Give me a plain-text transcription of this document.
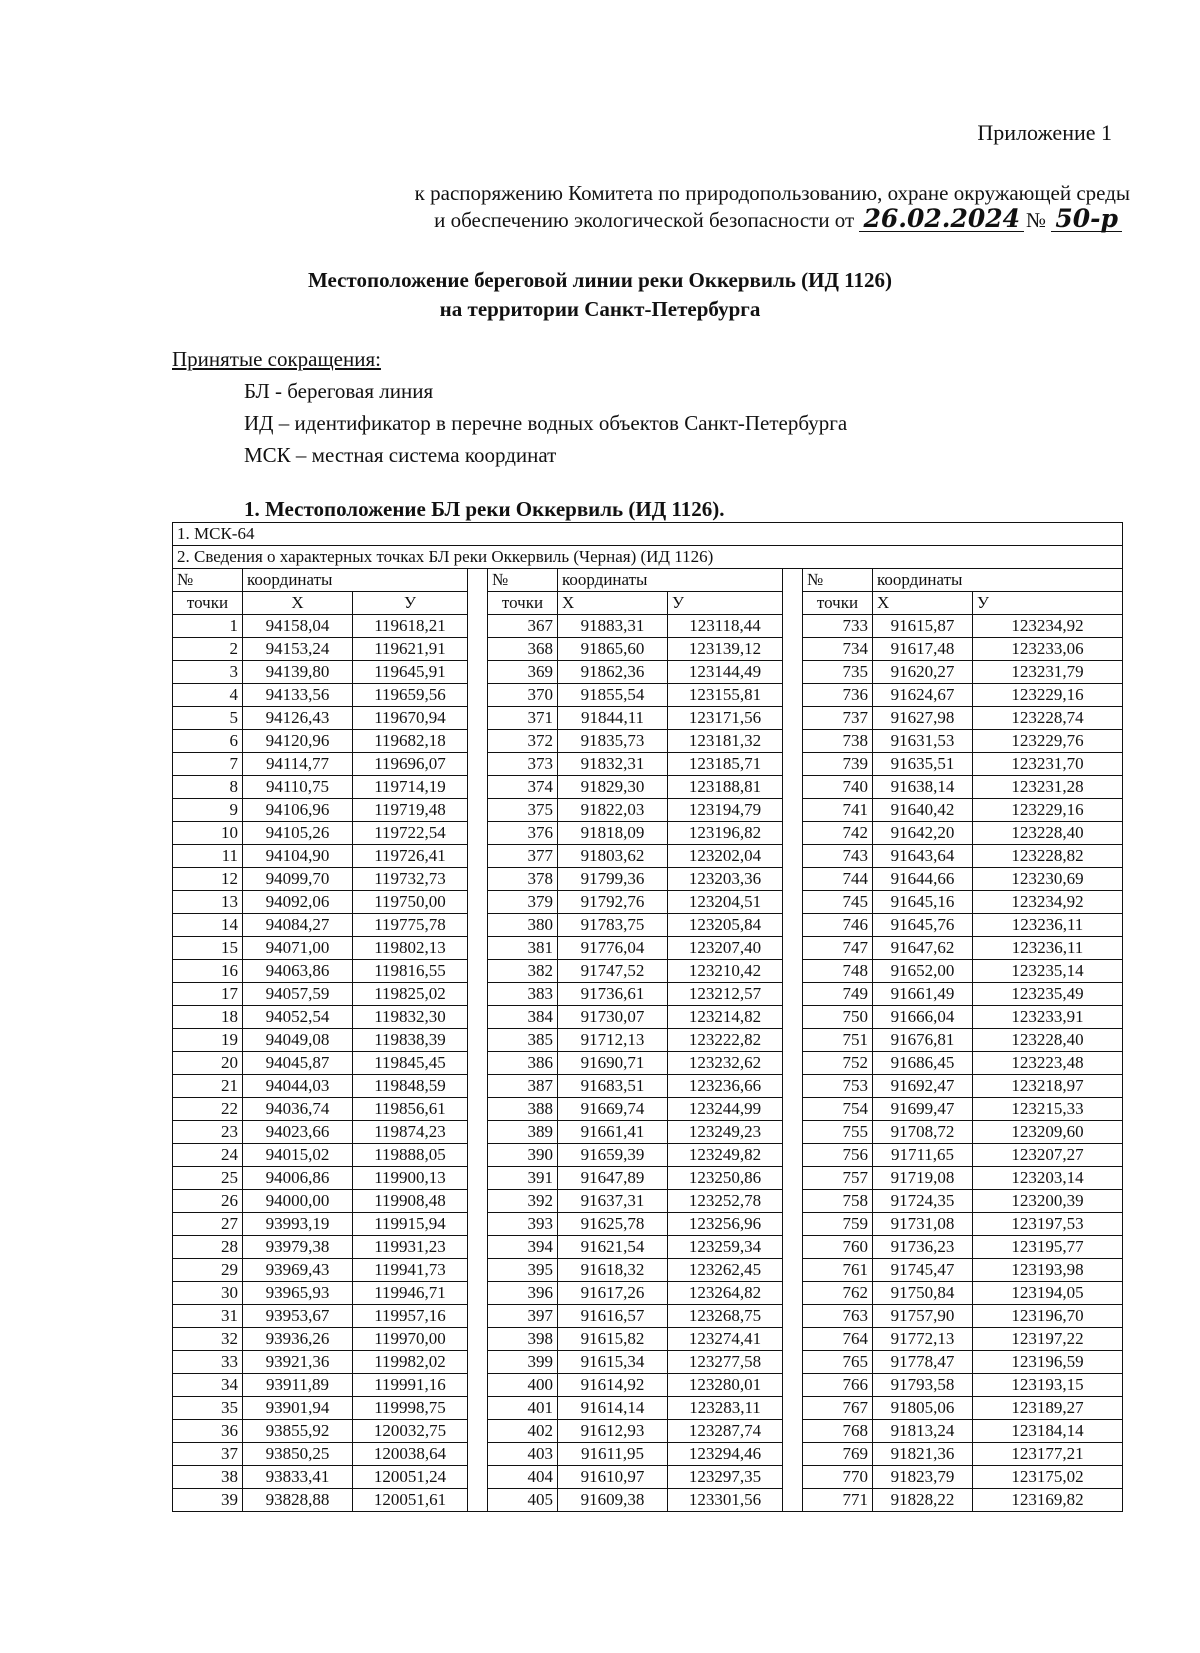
Приложение 1
к распоряжению Комитета по природопользованию, охране окружающей среды
и обеспечению экологической безопасности от 26.02.2024 № 50-р
Местоположение береговой линии реки Оккервиль (ИД 1126)
на территории Санкт-Петербурга
Принятые сокращения:
БЛ - береговая линия
ИД – идентификатор в перечне водных объектов Санкт-Петербурга
МСК – местная система координат
1. Местоположение БЛ реки Оккервиль (ИД 1126).
1. МСК-64										
2. Сведения о характерных точках БЛ реки Оккервиль (Черная) (ИД 1126)										
№	координаты			№	координаты			№	координаты	
точки	Х	У		точки	Х	У		точки	Х	У
1	94158,04	119618,21		367	91883,31	123118,44		733	91615,87	123234,92
2	94153,24	119621,91		368	91865,60	123139,12		734	91617,48	123233,06
3	94139,80	119645,91		369	91862,36	123144,49		735	91620,27	123231,79
4	94133,56	119659,56		370	91855,54	123155,81		736	91624,67	123229,16
5	94126,43	119670,94		371	91844,11	123171,56		737	91627,98	123228,74
6	94120,96	119682,18		372	91835,73	123181,32		738	91631,53	123229,76
7	94114,77	119696,07		373	91832,31	123185,71		739	91635,51	123231,70
8	94110,75	119714,19		374	91829,30	123188,81		740	91638,14	123231,28
9	94106,96	119719,48		375	91822,03	123194,79		741	91640,42	123229,16
10	94105,26	119722,54		376	91818,09	123196,82		742	91642,20	123228,40
11	94104,90	119726,41		377	91803,62	123202,04		743	91643,64	123228,82
12	94099,70	119732,73		378	91799,36	123203,36		744	91644,66	123230,69
13	94092,06	119750,00		379	91792,76	123204,51		745	91645,16	123234,92
14	94084,27	119775,78		380	91783,75	123205,84		746	91645,76	123236,11
15	94071,00	119802,13		381	91776,04	123207,40		747	91647,62	123236,11
16	94063,86	119816,55		382	91747,52	123210,42		748	91652,00	123235,14
17	94057,59	119825,02		383	91736,61	123212,57		749	91661,49	123235,49
18	94052,54	119832,30		384	91730,07	123214,82		750	91666,04	123233,91
19	94049,08	119838,39		385	91712,13	123222,82		751	91676,81	123228,40
20	94045,87	119845,45		386	91690,71	123232,62		752	91686,45	123223,48
21	94044,03	119848,59		387	91683,51	123236,66		753	91692,47	123218,97
22	94036,74	119856,61		388	91669,74	123244,99		754	91699,47	123215,33
23	94023,66	119874,23		389	91661,41	123249,23		755	91708,72	123209,60
24	94015,02	119888,05		390	91659,39	123249,82		756	91711,65	123207,27
25	94006,86	119900,13		391	91647,89	123250,86		757	91719,08	123203,14
26	94000,00	119908,48		392	91637,31	123252,78		758	91724,35	123200,39
27	93993,19	119915,94		393	91625,78	123256,96		759	91731,08	123197,53
28	93979,38	119931,23		394	91621,54	123259,34		760	91736,23	123195,77
29	93969,43	119941,73		395	91618,32	123262,45		761	91745,47	123193,98
30	93965,93	119946,71		396	91617,26	123264,82		762	91750,84	123194,05
31	93953,67	119957,16		397	91616,57	123268,75		763	91757,90	123196,70
32	93936,26	119970,00		398	91615,82	123274,41		764	91772,13	123197,22
33	93921,36	119982,02		399	91615,34	123277,58		765	91778,47	123196,59
34	93911,89	119991,16		400	91614,92	123280,01		766	91793,58	123193,15
35	93901,94	119998,75		401	91614,14	123283,11		767	91805,06	123189,27
36	93855,92	120032,75		402	91612,93	123287,74		768	91813,24	123184,14
37	93850,25	120038,64		403	91611,95	123294,46		769	91821,36	123177,21
38	93833,41	120051,24		404	91610,97	123297,35		770	91823,79	123175,02
39	93828,88	120051,61		405	91609,38	123301,56		771	91828,22	123169,82
